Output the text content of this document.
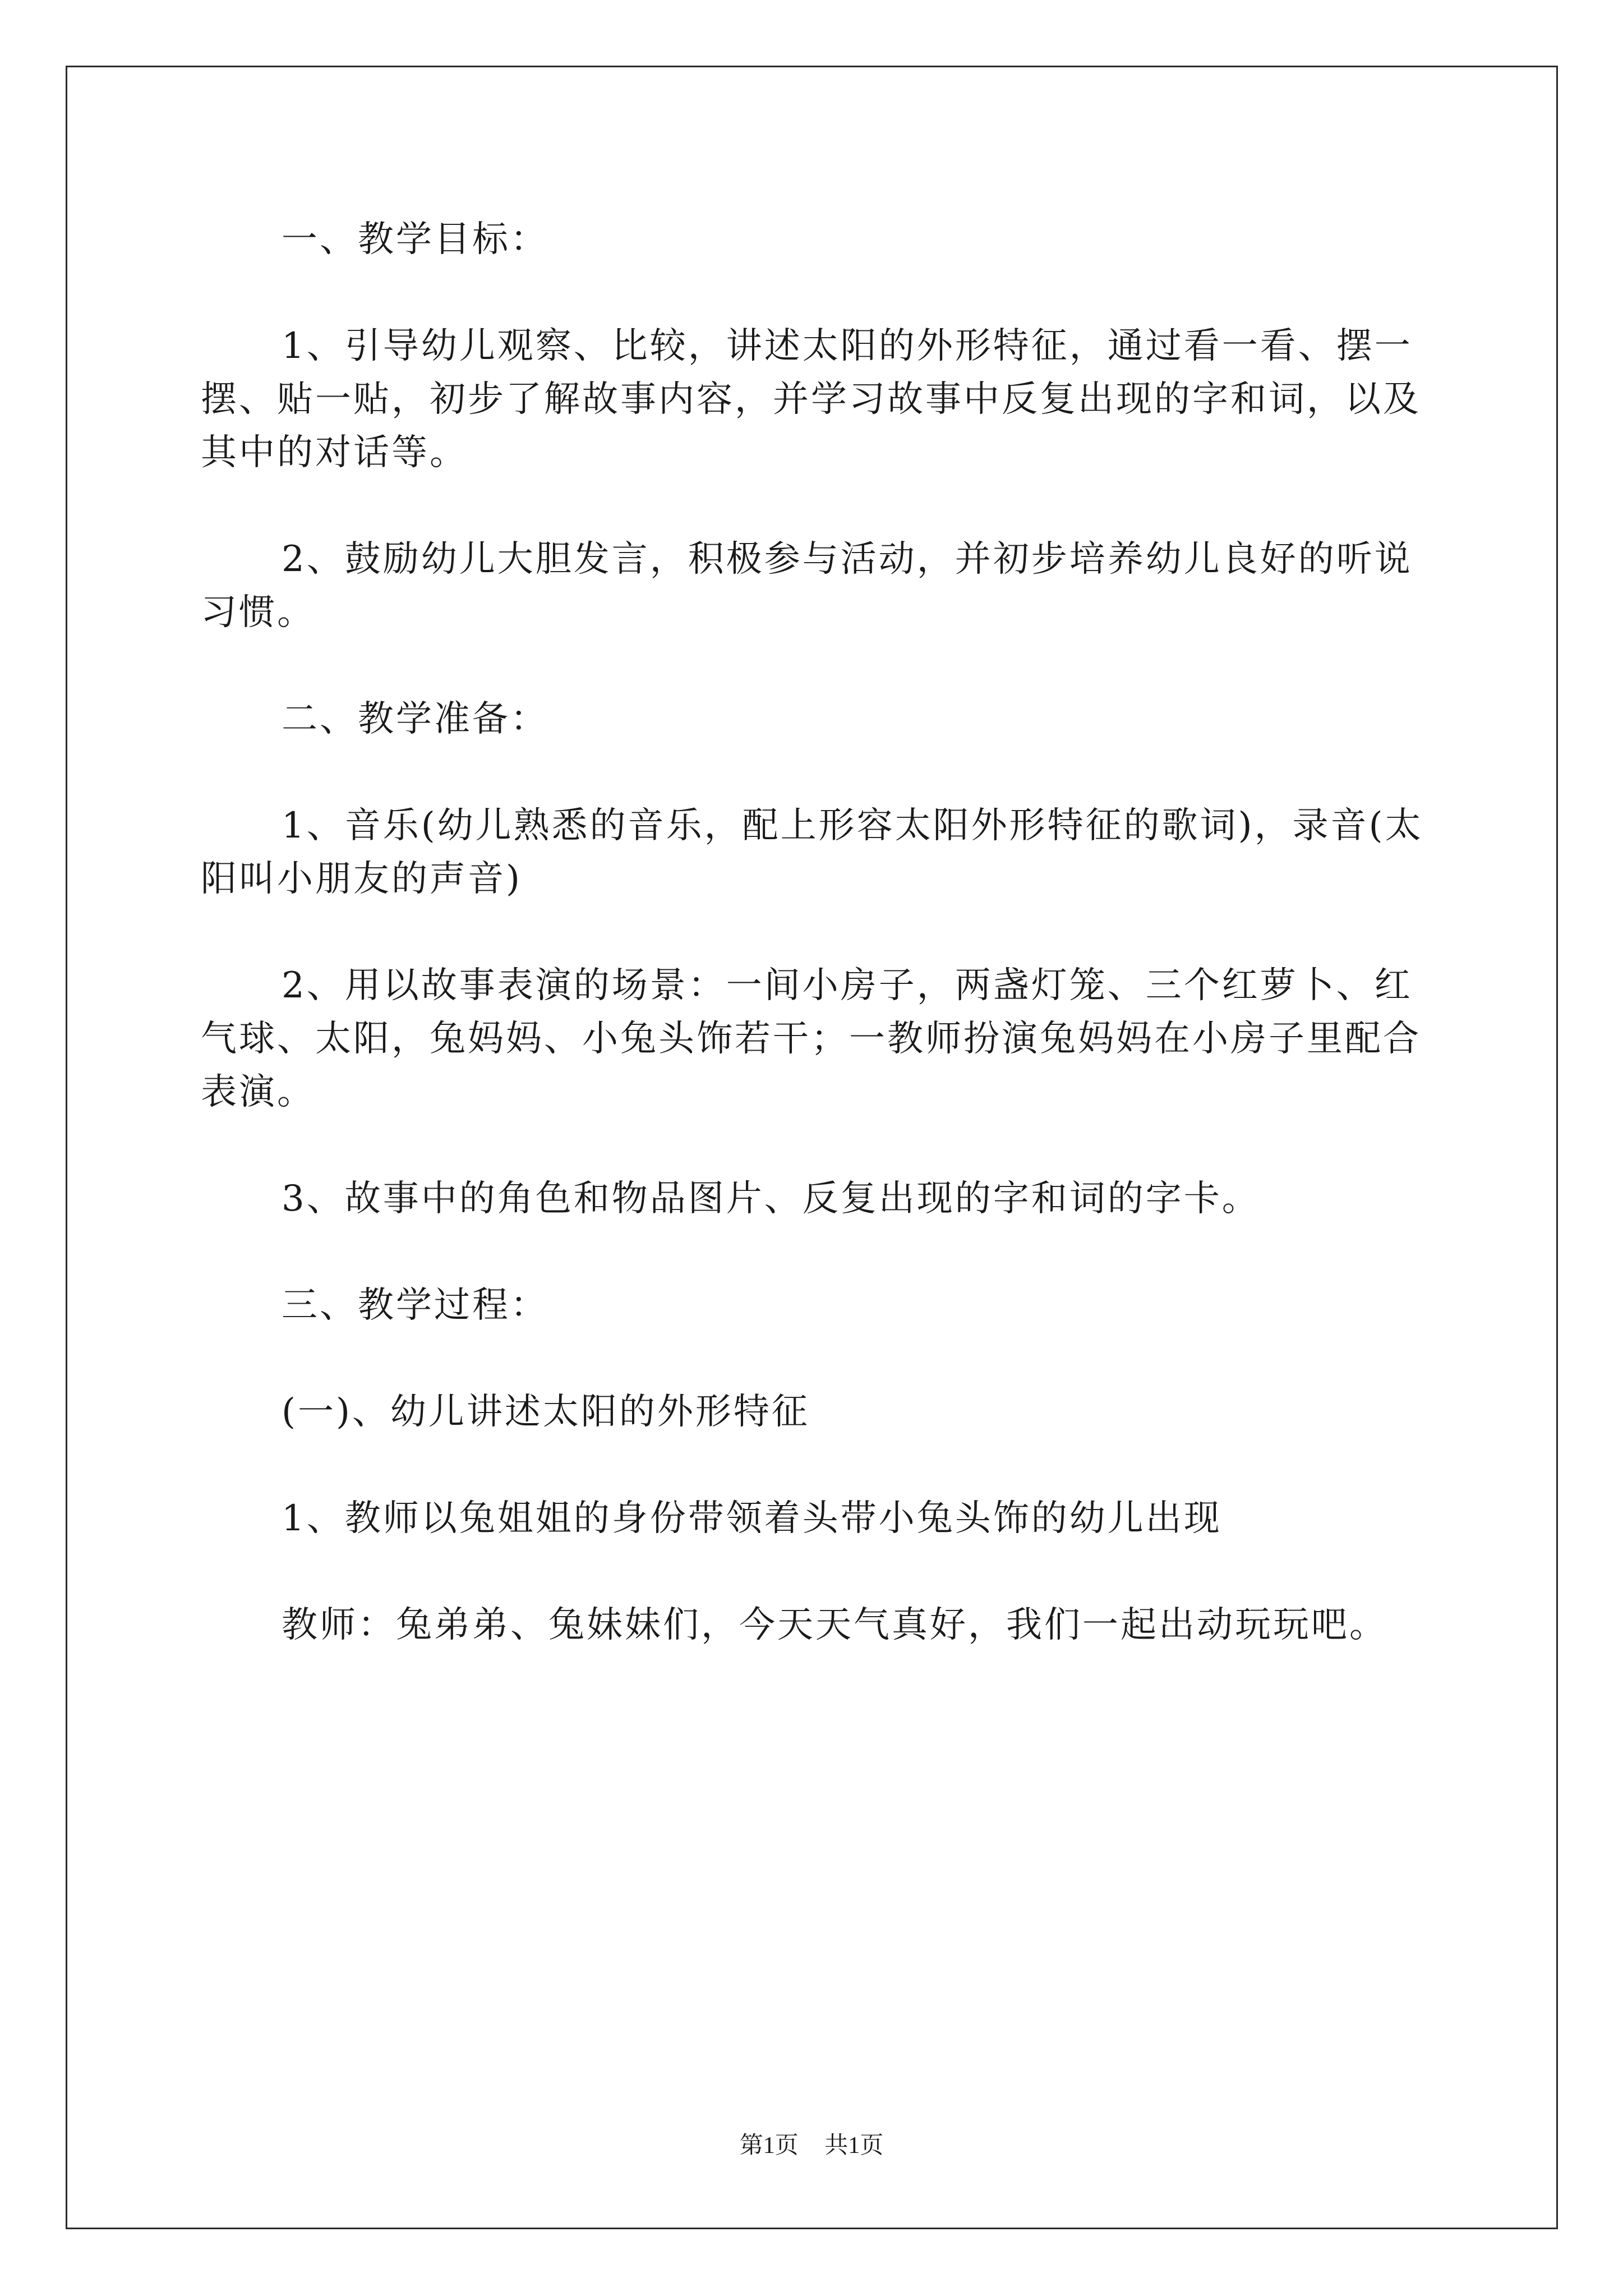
一、教学目标：

1、引导幼儿观察、比较，讲述太阳的外形特征，通过看一看、摆一摆、贴一贴，初步了解故事内容，并学习故事中反复出现的字和词，以及其中的对话等。

2、鼓励幼儿大胆发言，积极参与活动，并初步培养幼儿良好的听说习惯。

二、教学准备：

1、音乐(幼儿熟悉的音乐，配上形容太阳外形特征的歌词)，录音(太阳叫小朋友的声音)

2、用以故事表演的场景：一间小房子，两盏灯笼、三个红萝卜、红气球、太阳，兔妈妈、小兔头饰若干；一教师扮演兔妈妈在小房子里配合表演。

3、故事中的角色和物品图片、反复出现的字和词的字卡。

三、教学过程：

(一)、幼儿讲述太阳的外形特征

1、教师以兔姐姐的身份带领着头带小兔头饰的幼儿出现

教师：兔弟弟、兔妹妹们，今天天气真好，我们一起出动玩玩吧。

第1页 共1页
